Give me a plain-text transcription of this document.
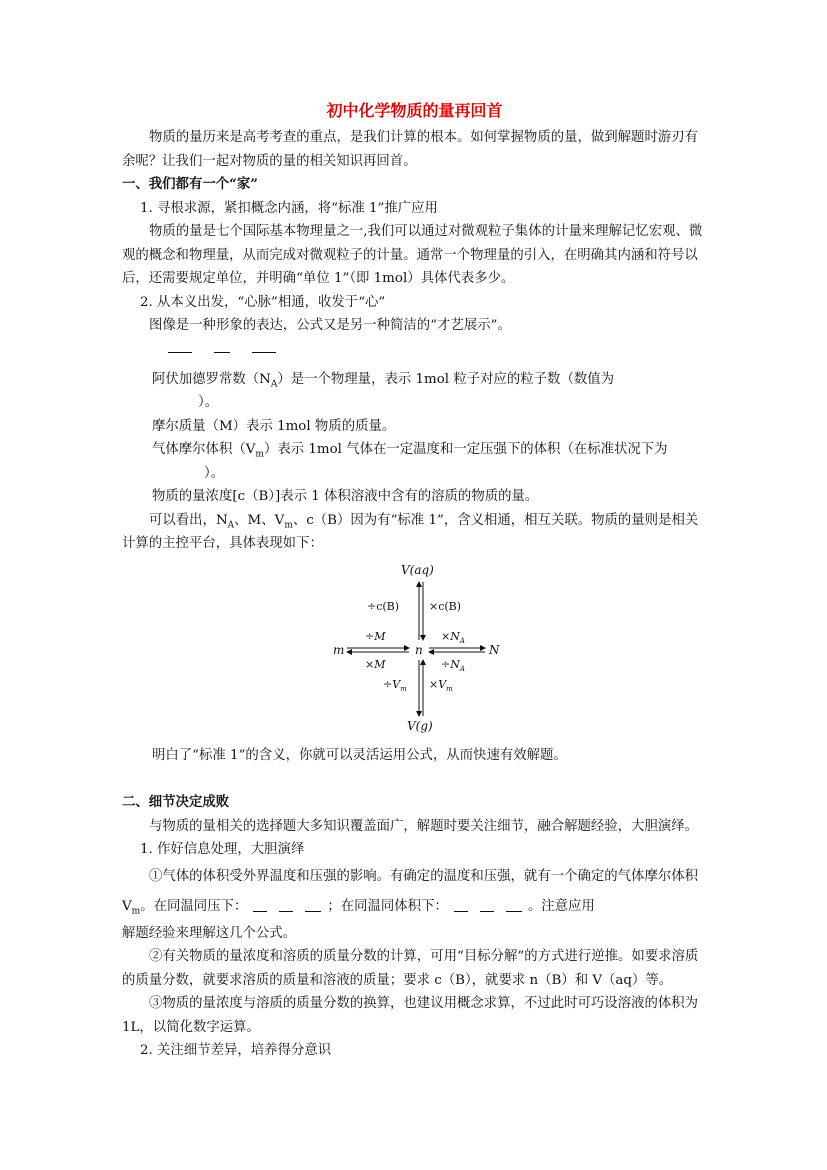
初中化学物质的量再回首

物质的量历来是高考考查的重点，是我们计算的根本。如何掌握物质的量，做到解题时游刃有余呢？让我们一起对物质的量的相关知识再回首。

一、我们都有一个“家”

1. 寻根求源，紧扣概念内涵，将“标准 1”推广应用

物质的量是七个国际基本物理量之一,我们可以通过对微观粒子集体的计量来理解记忆宏观、微观的概念和物理量，从而完成对微观粒子的计量。通常一个物理量的引入，在明确其内涵和符号以后，还需要规定单位，并明确“单位 1”（即 1mol）具体代表多少。

2. 从本义出发，“心脉”相通，收发于“心”

图像是一种形象的表达，公式又是另一种简洁的“才艺展示”。

阿伏加德罗常数$(N_A)$是一个物理量，表示 1mol 粒子对应的粒子数（数值为
）。

摩尔质量（M）表示 1mol 物质的质量。

气体摩尔体积$(V_m)$表示 1mol 气体在一定温度和一定压强下的体积（在标准状况下为
）。

物质的量浓度[c（B）]表示 1 体积溶液中含有的溶质的物质的量。

可以看出，$N_A$、M、$V_m$、c（B）因为有“标准 1”，含义相通，相互关联。物质的量则是相关计算的主控平台，具体表现如下：

V(aq)
V(g)
m	n	N
÷c(B)	×c(B)
÷M
×M
$\times N_A$
$\div N_A$
$\div V_m \times V_m$

明白了“标准 1”的含义，你就可以灵活运用公式，从而快速有效解题。

二、细节决定成败

与物质的量相关的选择题大多知识覆盖面广，解题时要关注细节，融合解题经验，大胆演绎。

1. 作好信息处理，大胆演绎

①气体的体积受外界温度和压强的影响。有确定的温度和压强，就有一个确定的气体摩尔体积 $V_m$。在同温同压下：	；在同温同体积下：	。注意应用

解题经验来理解这几个公式。

②有关物质的量浓度和溶质的质量分数的计算，可用“目标分解”的方式进行逆推。如要求溶质的质量分数，就要求溶质的质量和溶液的质量；要求 c（B），就要求 n（B）和 V（aq）等。

③物质的量浓度与溶质的质量分数的换算，也建议用概念求算，不过此时可巧设溶液的体积为 1L，以简化数字运算。

2. 关注细节差异，培养得分意识
